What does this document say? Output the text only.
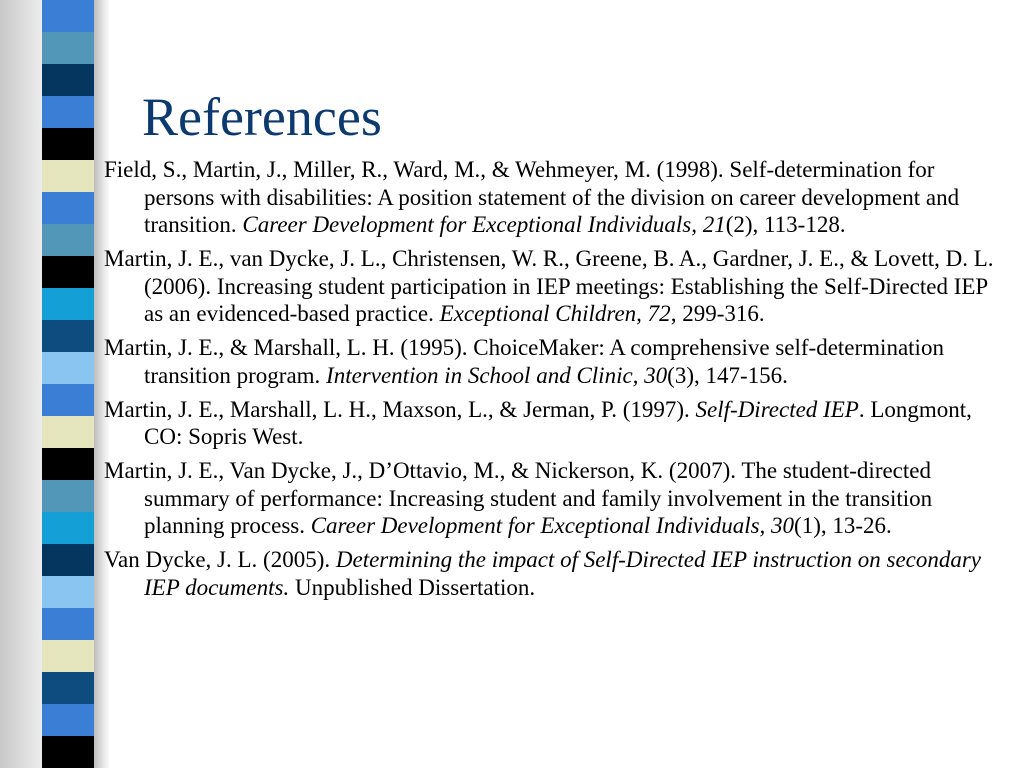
References
Field, S., Martin, J., Miller, R., Ward, M., & Wehmeyer, M. (1998). Self-determination for persons with disabilities: A position statement of the division on career development and transition. Career Development for Exceptional Individuals, 21(2), 113-128.
Martin, J. E., van Dycke, J. L., Christensen, W. R., Greene, B. A., Gardner, J. E., & Lovett, D. L. (2006). Increasing student participation in IEP meetings: Establishing the Self-Directed IEP as an evidenced-based practice. Exceptional Children, 72, 299-316.
Martin, J. E., & Marshall, L. H. (1995). ChoiceMaker: A comprehensive self-determination transition program. Intervention in School and Clinic, 30(3), 147-156.
Martin, J. E., Marshall, L. H., Maxson, L., & Jerman, P. (1997). Self-Directed IEP. Longmont, CO: Sopris West.
Martin, J. E., Van Dycke, J., D’Ottavio, M., & Nickerson, K. (2007). The student-directed summary of performance: Increasing student and family involvement in the transition planning process. Career Development for Exceptional Individuals, 30(1), 13-26.
Van Dycke, J. L. (2005). Determining the impact of Self-Directed IEP instruction on secondary IEP documents. Unpublished Dissertation.
